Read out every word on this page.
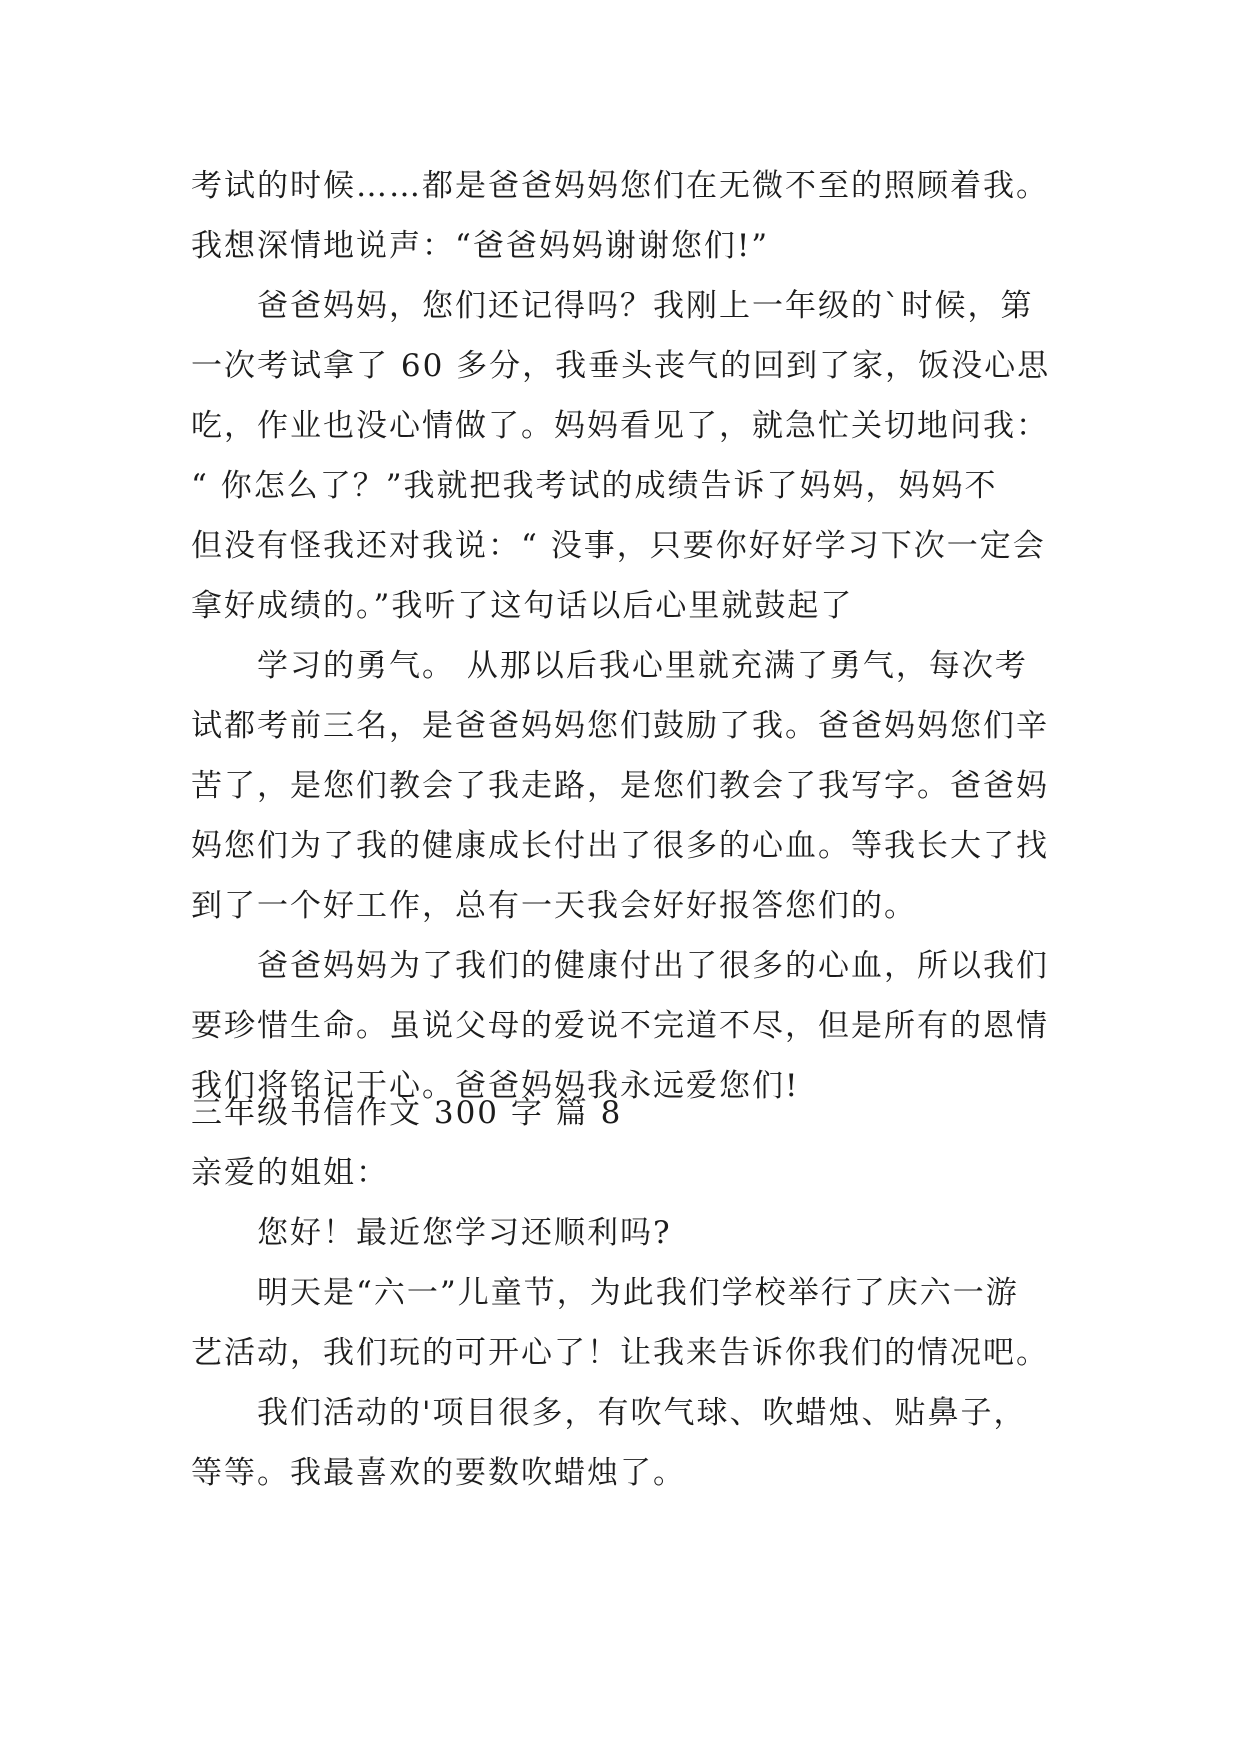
考试的时候……都是爸爸妈妈您们在无微不至的照顾着我。
我想深情地说声：“爸爸妈妈谢谢您们!”
爸爸妈妈，您们还记得吗？我刚上一年级的`时候，第
一次考试拿了 60 多分，我垂头丧气的回到了家，饭没心思
吃，作业也没心情做了。妈妈看见了，就急忙关切地问我：
“ 你怎么了？”我就把我考试的成绩告诉了妈妈，妈妈不
但没有怪我还对我说：“ 没事，只要你好好学习下次一定会
拿好成绩的。”我听了这句话以后心里就鼓起了
学习的勇气。 从那以后我心里就充满了勇气，每次考
试都考前三名，是爸爸妈妈您们鼓励了我。爸爸妈妈您们辛
苦了，是您们教会了我走路，是您们教会了我写字。爸爸妈
妈您们为了我的健康成长付出了很多的心血。等我长大了找
到了一个好工作，总有一天我会好好报答您们的。
爸爸妈妈为了我们的健康付出了很多的心血，所以我们
要珍惜生命。虽说父母的爱说不完道不尽，但是所有的恩情
我们将铭记于心。爸爸妈妈我永远爱您们!
三年级书信作文 300 字 篇 8
亲爱的姐姐：
您好！最近您学习还顺利吗?
明天是“六一”儿童节，为此我们学校举行了庆六一游
艺活动，我们玩的可开心了！让我来告诉你我们的情况吧。
我们活动的'项目很多，有吹气球、吹蜡烛、贴鼻子，
等等。我最喜欢的要数吹蜡烛了。
